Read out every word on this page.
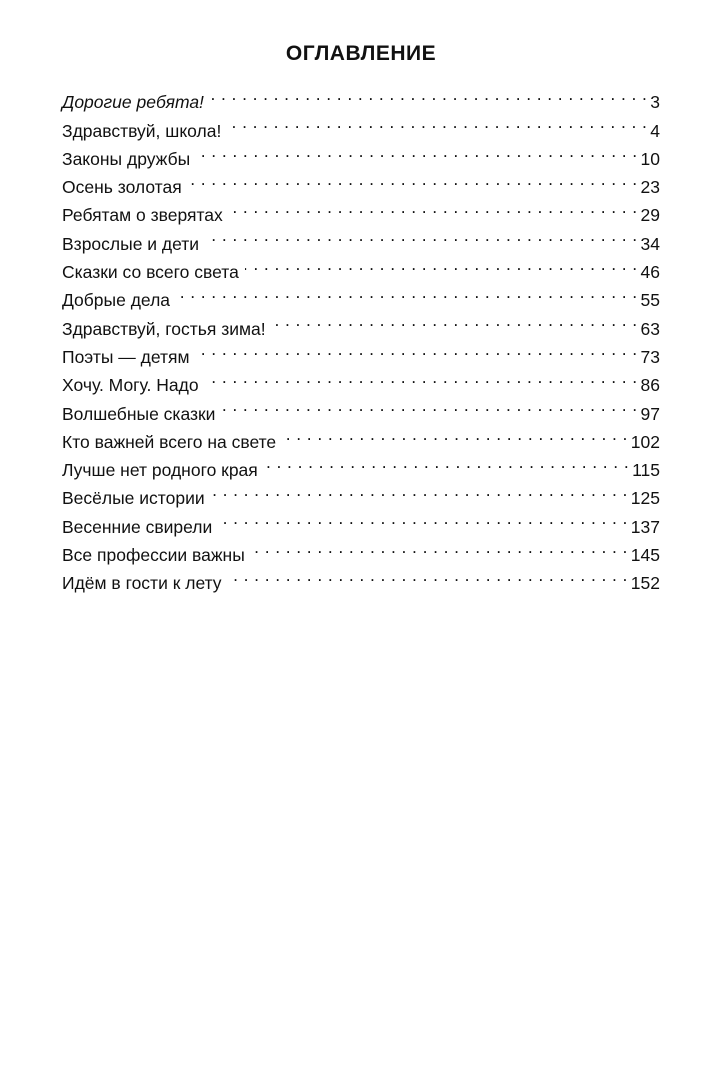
ОГЛАВЛЕНИЕ
Дорогие ребята! . . .	3
Здравствуй, школа! . . .	4
Законы дружбы . . .	10
Осень золотая . . .	23
Ребятам о зверятах . . .	29
Взрослые и дети . . .	34
Сказки со всего света . . .	46
Добрые дела . . .	55
Здравствуй, гостья зима! . . .	63
Поэты — детям . . .	73
Хочу. Могу. Надо . . .	86
Волшебные сказки . . .	97
Кто важней всего на свете . . .	102
Лучше нет родного края . . .	115
Весёлые истории . . .	125
Весенние свирели . . .	137
Все профессии важны . . .	145
Идём в гости к лету . . .	152
